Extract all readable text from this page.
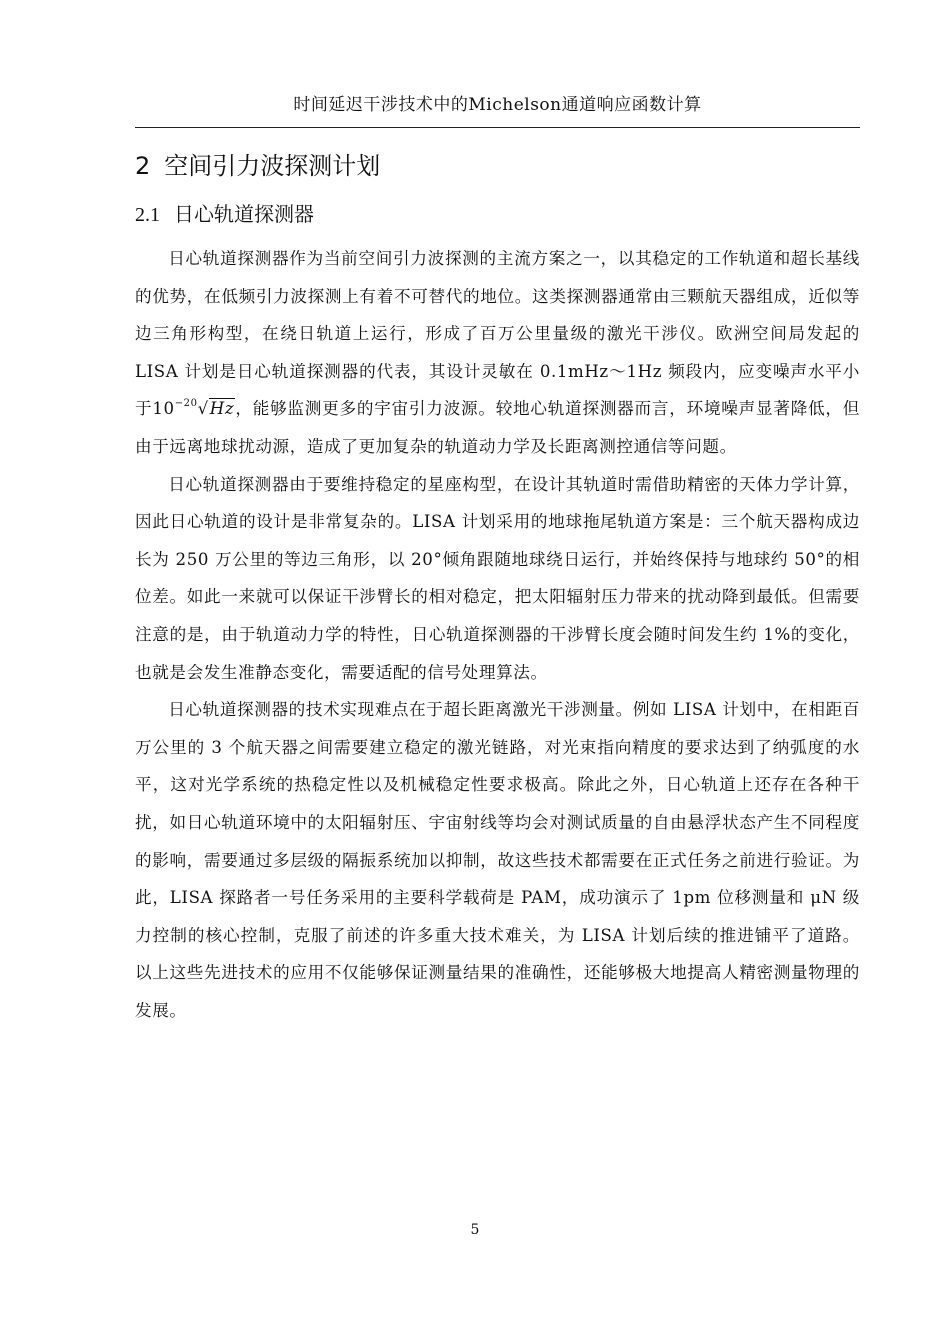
时间延迟干涉技术中的Michelson通道响应函数计算
2 空间引力波探测计划
2.1 日心轨道探测器

日心轨道探测器作为当前空间引力波探测的主流方案之一，以其稳定的工作轨道和超长基线的优势，在低频引力波探测上有着不可替代的地位。这类探测器通常由三颗航天器组成，近似等边三角形构型，在绕日轨道上运行，形成了百万公里量级的激光干涉仪。欧洲空间局发起的 LISA 计划是日心轨道探测器的代表，其设计灵敏在 0.1mHz～1Hz 频段内，应变噪声水平小于$10^{-20}√Hz$，能够监测更多的宇宙引力波源。较地心轨道探测器而言，环境噪声显著降低，但由于远离地球扰动源，造成了更加复杂的轨道动力学及长距离测控通信等问题。

日心轨道探测器由于要维持稳定的星座构型，在设计其轨道时需借助精密的天体力学计算，因此日心轨道的设计是非常复杂的。LISA 计划采用的地球拖尾轨道方案是：三个航天器构成边长为 250 万公里的等边三角形，以 20°倾角跟随地球绕日运行，并始终保持与地球约 50°的相位差。如此一来就可以保证干涉臂长的相对稳定，把太阳辐射压力带来的扰动降到最低。但需要注意的是，由于轨道动力学的特性，日心轨道探测器的干涉臂长度会随时间发生约 1%的变化，也就是会发生准静态变化，需要适配的信号处理算法。

日心轨道探测器的技术实现难点在于超长距离激光干涉测量。例如 LISA 计划中，在相距百万公里的 3 个航天器之间需要建立稳定的激光链路，对光束指向精度的要求达到了纳弧度的水平，这对光学系统的热稳定性以及机械稳定性要求极高。除此之外，日心轨道上还存在各种干扰，如日心轨道环境中的太阳辐射压、宇宙射线等均会对测试质量的自由悬浮状态产生不同程度的影响，需要通过多层级的隔振系统加以抑制，故这些技术都需要在正式任务之前进行验证。为此，LISA 探路者一号任务采用的主要科学载荷是 PAM，成功演示了 1pm 位移测量和 μN 级力控制的核心控制，克服了前述的许多重大技术难关，为 LISA 计划后续的推进铺平了道路。以上这些先进技术的应用不仅能够保证测量结果的准确性，还能够极大地提高人精密测量物理的发展。

5
